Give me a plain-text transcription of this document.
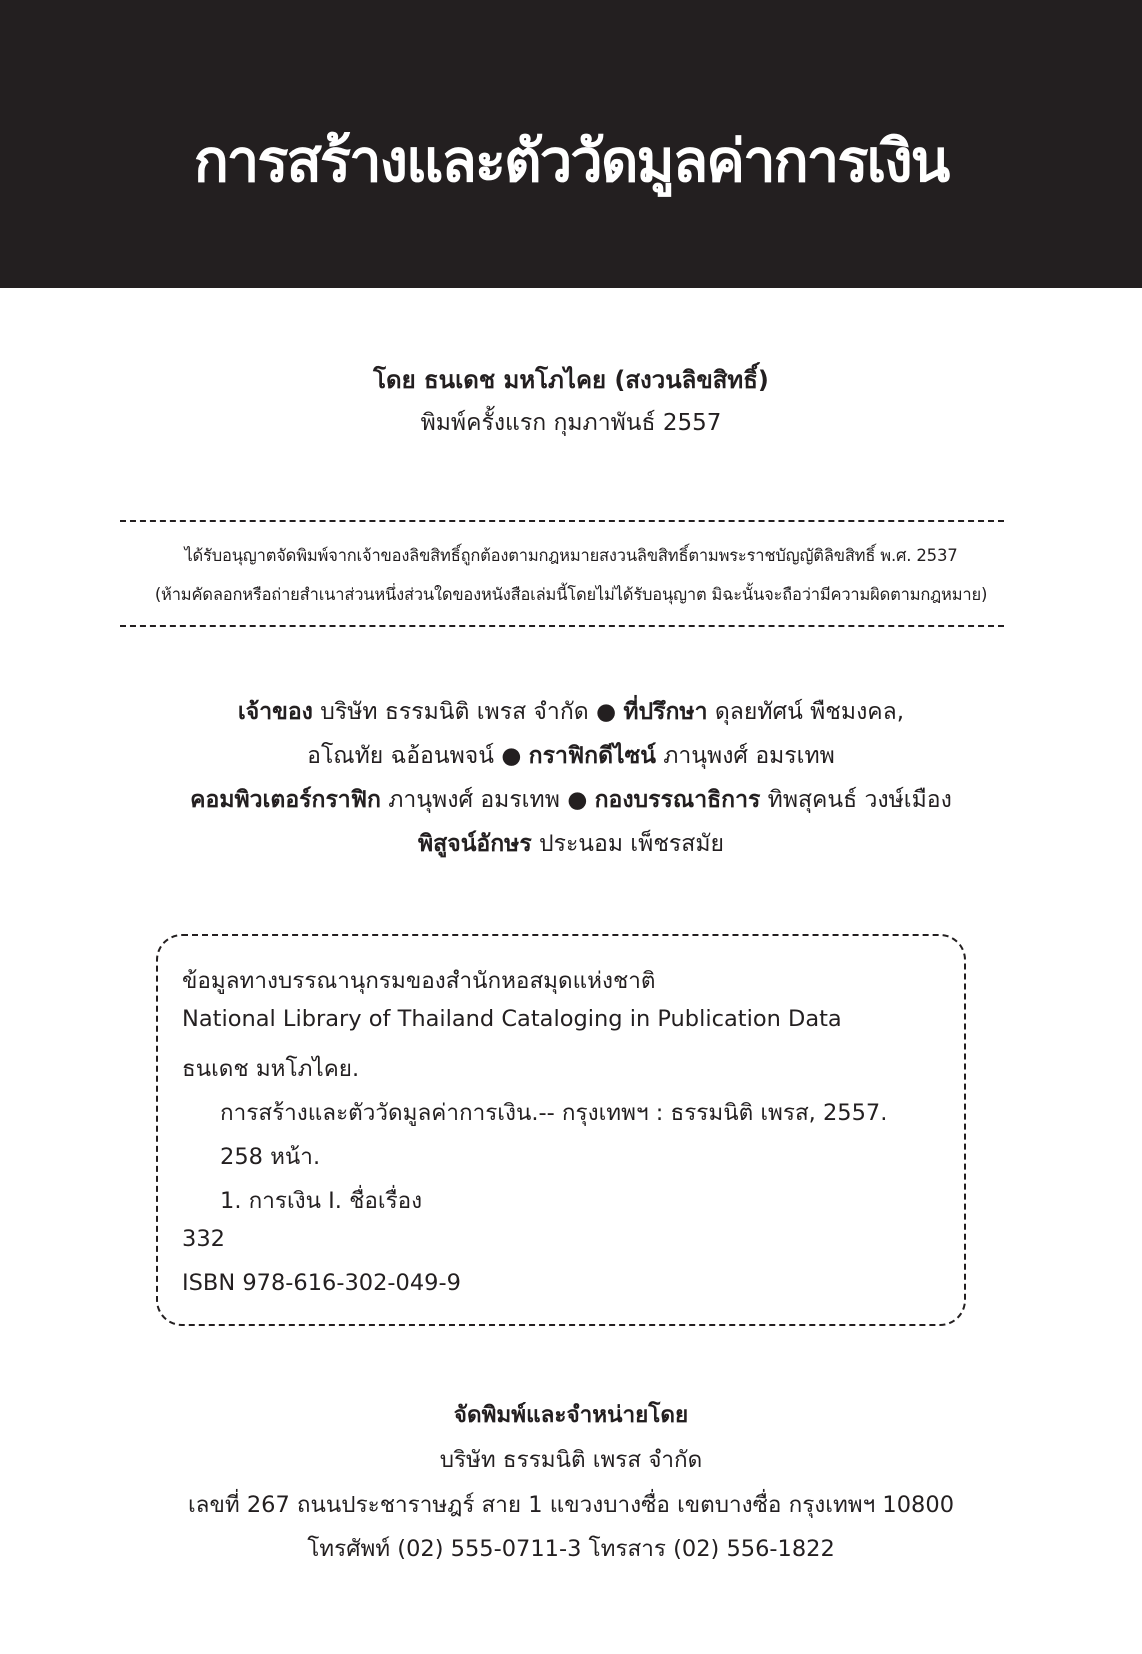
การสร้างและตัววัดมูลค่าการเงิน
โดย ธนเดช มหโภไคย (สงวนลิขสิทธิ์)
พิมพ์ครั้งแรก กุมภาพันธ์ 2557
ได้รับอนุญาตจัดพิมพ์จากเจ้าของลิขสิทธิ์ถูกต้องตามกฎหมายสงวนลิขสิทธิ์ตามพระราชบัญญัติลิขสิทธิ์ พ.ศ. 2537
(ห้ามคัดลอกหรือถ่ายสำเนาส่วนหนึ่งส่วนใดของหนังสือเล่มนี้โดยไม่ได้รับอนุญาต มิฉะนั้นจะถือว่ามีความผิดตามกฎหมาย)
เจ้าของ บริษัท ธรรมนิติ เพรส จำกัด ● ที่ปรึกษา ดุลยทัศน์ พืชมงคล,
อโณทัย ฉอ้อนพจน์ ● กราฟิกดีไซน์ ภานุพงศ์ อมรเทพ
คอมพิวเตอร์กราฟิก ภานุพงศ์ อมรเทพ ● กองบรรณาธิการ ทิพสุคนธ์ วงษ์เมือง
พิสูจน์อักษร ประนอม เพ็ชรสมัย
ข้อมูลทางบรรณานุกรมของสำนักหอสมุดแห่งชาติ
National Library of Thailand Cataloging in Publication Data
ธนเดช มหโภไคย.
การสร้างและตัววัดมูลค่าการเงิน.-- กรุงเทพฯ : ธรรมนิติ เพรส, 2557.
258 หน้า.
1. การเงิน I. ชื่อเรื่อง
332
ISBN 978-616-302-049-9
จัดพิมพ์และจำหน่ายโดย
บริษัท ธรรมนิติ เพรส จำกัด
เลขที่ 267 ถนนประชาราษฎร์ สาย 1 แขวงบางซื่อ เขตบางซื่อ กรุงเทพฯ 10800
โทรศัพท์ (02) 555-0711-3 โทรสาร (02) 556-1822
